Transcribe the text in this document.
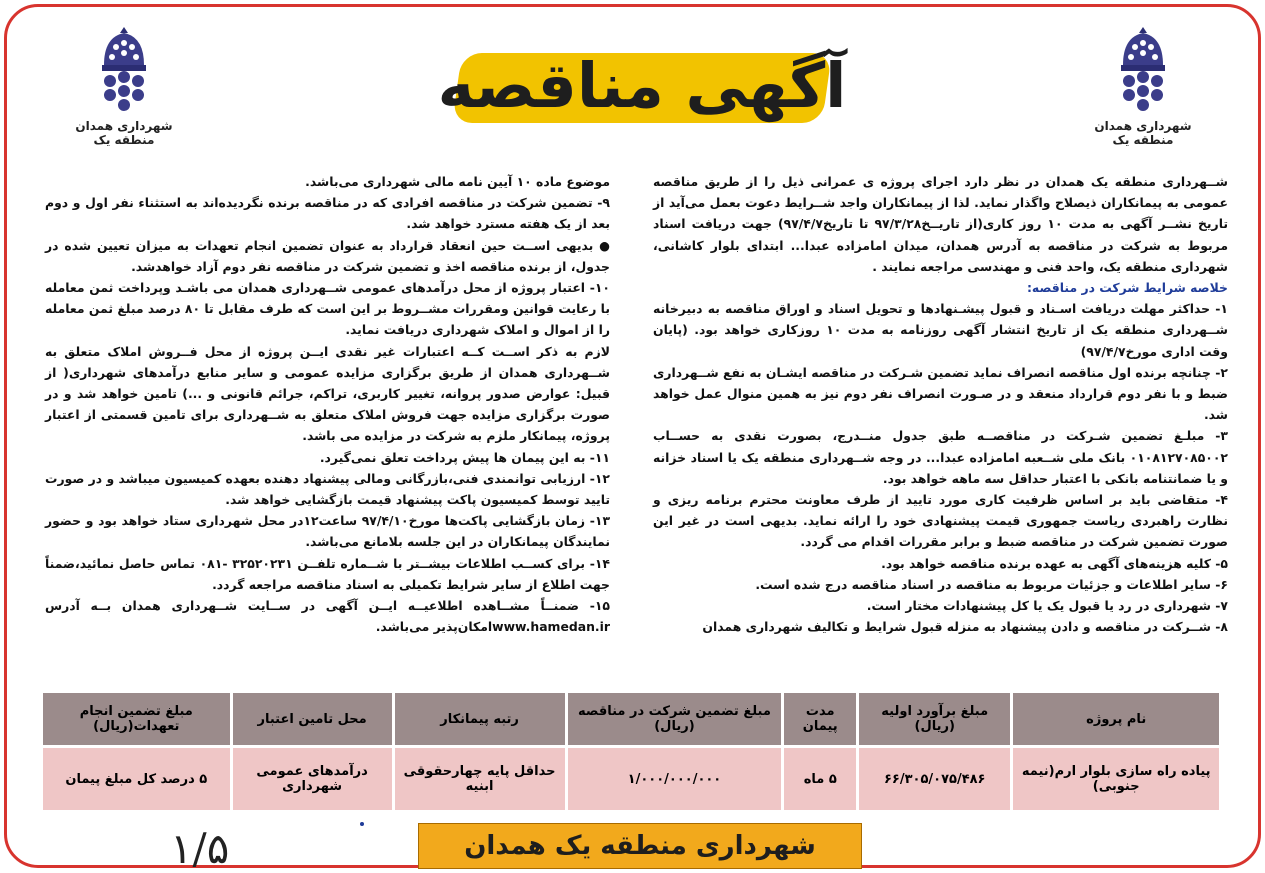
شهرداری همدان
منطقه یک
شهرداری همدان
منطقه یک
آگهی مناقصه

شــهرداری منطقه یک همدان در نظر دارد اجرای پروژه ی عمرانی ذیل را از طریق مناقصه عمومی به پیمانکاران ذیصلاح واگذار نماید. لذا از پیمانکاران واجد شــرایط دعوت بعمل می‌آید از تاریخ نشــر آگهی به مدت ۱۰ روز کاری(از تاریــخ۹۷/۳/۲۸ تا تاریخ۹۷/۴/۷) جهت دریافت اسناد مربوط به شرکت در مناقصه به آدرس همدان، میدان امامزاده عبدا... ابتدای بلوار کاشانی، شهرداری منطقه یک، واحد فنی و مهندسی مراجعه نمایند .

خلاصه شرایط شرکت در مناقصه:

۱- حداکثر مهلت دریافت اسـناد و قبول پیشـنهادها و تحویل اسناد و اوراق مناقصه به دبیرخانه شــهرداری منطقه یک از تاریخ انتشار آگهی روزنامه به مدت ۱۰ روزکاری خواهد بود. (پایان وقت اداری مورخ۹۷/۴/۷)

۲- چنانچه برنده اول مناقصه انصراف نماید تضمین شـرکت در مناقصه ایشـان به نفع شــهرداری ضبط و با نفر دوم قرارداد منعقد و در صـورت انصراف نفر دوم نیز به همین منوال عمل خواهد شد.

۳- مبلـغ تضمین شـرکت در مناقصــه طبق جدول منــدرج، بصورت نقدی به حســاب ۰۱۰۸۱۲۷۰۸۵۰۰۲ بانک ملی شــعبه امامزاده عبدا... در وجه شــهرداری منطقه یک یا اسناد خزانه و یا ضمانتنامه بانکی با اعتبار حداقل سه ماهه خواهد بود.

۴- متقاضی باید بر اساس ظرفیت کاری مورد تایید از طرف معاونت محترم برنامه ریزی و نظارت راهبردی ریاست جمهوری قیمت پیشنهادی خود را ارائه نماید. بدیهی است در غیر این صورت تضمین شرکت در مناقصه ضبط و برابر مقررات اقدام می گردد.

۵- کلیه هزینه‌های آگهی به عهده برنده مناقصه خواهد بود.

۶- سایر اطلاعات و جزئیات مربوط به مناقصه در اسناد مناقصه درج شده است.

۷- شهرداری در رد یا قبول یک یا کل پیشنهادات مختار است.

۸- شــرکت در مناقصه و دادن پیشنهاد به منزله قبول شرایط و تکالیف شهرداری همدان

موضوع ماده ۱۰ آیین نامه مالی شهرداری می‌باشد.

۹- تضمین شرکت در مناقصه افرادی که در مناقصه برنده نگردیده‌اند به استثناء نفر اول و دوم بعد از یک هفته مسترد خواهد شد.

● بدیهی اســت حین انعقاد قرارداد به عنوان تضمین انجام تعهدات به میزان تعیین شده در جدول، از برنده مناقصه اخذ و تضمین شرکت در مناقصه نفر دوم آزاد خواهدشد.

۱۰- اعتبار پروژه از محل درآمدهای عمومی شــهرداری همدان می باشـد وپرداخت ثمن معامله با رعایت قوانین ومقررات مشــروط بر این است که طرف مقابل تا ۸۰ درصد مبلغ ثمن معامله را از اموال و املاک شهرداری دریافت نماید.

لازم به ذکر اســت کــه اعتبارات غیر نقدی ایــن پروژه از محل فــروش املاک متعلق به شــهرداری همدان از طریق برگزاری مزایده عمومی و سایر منابع درآمدهای شهرداری( از قبیل: عوارض صدور پروانه، تغییر کاربری، تراکم، جرائم قانونی و ...) تامین خواهد شد و در صورت برگزاری مزایده جهت فروش املاک متعلق به شــهرداری برای تامین قسمتی از اعتبار پروژه، پیمانکار ملزم به شرکت در مزایده می باشد.

۱۱- به این پیمان ها پیش پرداخت تعلق نمی‌گیرد.

۱۲- ارزیابی توانمندی فنی،بازرگانی ومالی پیشنهاد دهنده بعهده کمیسیون میباشد و در صورت تایید توسط کمیسیون پاکت پیشنهاد قیمت بازگشایی خواهد شد.

۱۳- زمان بازگشایی پاکت‌ها مورخ۹۷/۴/۱۰ ساعت۱۲در محل شهرداری ستاد خواهد بود و حضور نمایندگان پیمانکاران در این جلسه بلامانع می‌باشد.

۱۴- برای کســب اطلاعات بیشــتر با شــماره تلفــن ۳۲۵۲۰۲۳۱ -۰۸۱ تماس حاصل نمائید،ضمناً جهت اطلاع از سایر شرایط تکمیلی به اسناد مناقصه مراجعه گردد.

۱۵- ضمنــاً مشــاهده اطلاعیــه ایــن آگهی در ســایت شــهرداری همدان بــه آدرس www.hamedan.irامکان‌پذیر می‌باشد.

نام پروژه	مبلغ برآورد اولیه (ریال)	مدت پیمان	مبلغ تضمین شرکت در مناقصه (ریال)	رتبه پیمانکار	محل تامین اعتبار	مبلغ تضمین انجام تعهدات(ریال)
پیاده راه سازی بلوار ارم(نیمه جنوبی)	۶۶/۳۰۵/۰۷۵/۴۸۶	۵ ماه	۱/۰۰۰/۰۰۰/۰۰۰	حداقل پایه چهارحقوقی ابنیه	درآمدهای عمومی شهرداری	۵ درصد کل مبلغ پیمان
شهرداری منطقه یک همدان
۱/۵
